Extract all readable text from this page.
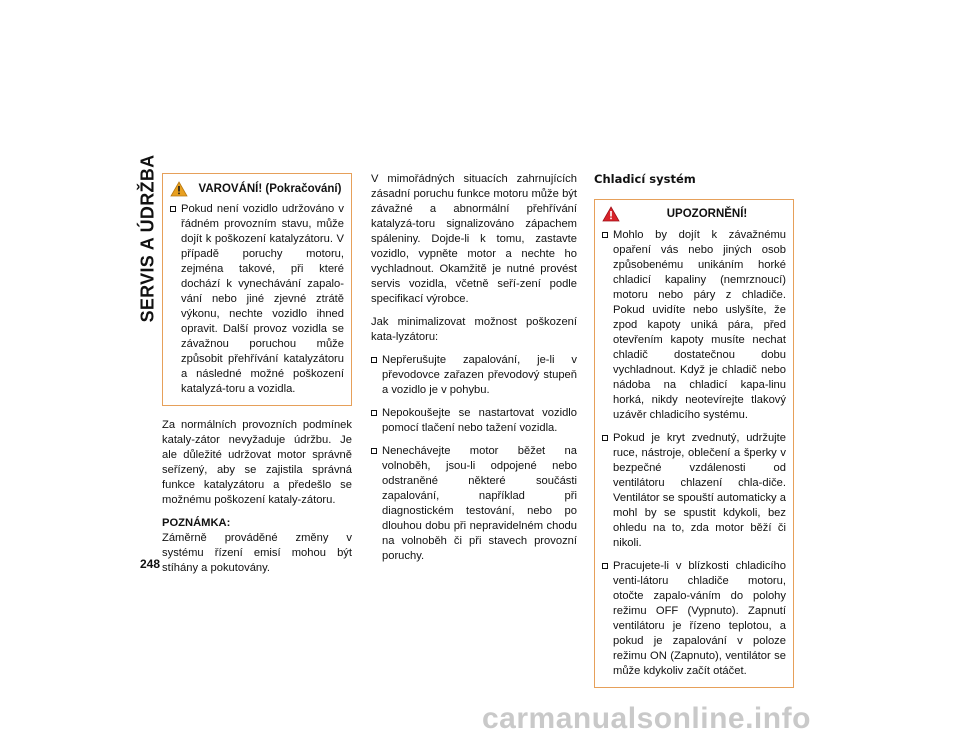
SERVIS A ÚDRŽBA
248
VAROVÁNÍ! (Pokračování)
Pokud není vozidlo udržováno v řádném provozním stavu, může dojít k poškození katalyzátoru. V případě poruchy motoru, zejména takové, při které dochází k vynechávání zapalo-vání nebo jiné zjevné ztrátě výkonu, nechte vozidlo ihned opravit. Další provoz vozidla se závažnou poruchou může způsobit přehřívání katalyzátoru a následné možné poškození katalyzá-toru a vozidla.

Za normálních provozních podmínek kataly-zátor nevyžaduje údržbu. Je ale důležité udržovat motor správně seřízený, aby se zajistila správná funkce katalyzátoru a předešlo se možnému poškození kataly-zátoru.

POZNÁMKA:

Záměrně prováděné změny v systému řízení emisí mohou být stíhány a pokutovány.

V mimořádných situacích zahrnujících zásadní poruchu funkce motoru může být závažné a abnormální přehřívání katalyzá-toru signalizováno zápachem spáleniny. Dojde-li k tomu, zastavte vozidlo, vypněte motor a nechte ho vychladnout. Okamžitě je nutné provést servis vozidla, včetně seří-zení podle specifikací výrobce.

Jak minimalizovat možnost poškození kata-lyzátoru:

Nepřerušujte zapalování, je-li v převodovce zařazen převodový stupeň a vozidlo je v pohybu.
Nepokoušejte se nastartovat vozidlo pomocí tlačení nebo tažení vozidla.
Nenechávejte motor běžet na volnoběh, jsou-li odpojené nebo odstraněné některé součásti zapalování, například při diagnostickém testování, nebo po dlouhou dobu při nepravidelném chodu na volnoběh či při stavech provozní poruchy.

Chladicí systém

UPOZORNĚNÍ!
Mohlo by dojít k závažnému opaření vás nebo jiných osob způsobenému unikáním horké chladicí kapaliny (nemrznoucí) motoru nebo páry z chladiče. Pokud uvidíte nebo uslyšíte, že zpod kapoty uniká pára, před otevřením kapoty musíte nechat chladič dostatečnou dobu vychladnout. Když je chladič nebo nádoba na chladicí kapa-linu horká, nikdy neotevírejte tlakový uzávěr chladicího systému.
Pokud je kryt zvednutý, udržujte ruce, nástroje, oblečení a šperky v bezpečné vzdálenosti od ventilátoru chlazení chla-diče. Ventilátor se spouští automaticky a mohl by se spustit kdykoli, bez ohledu na to, zda motor běží či nikoli.
Pracujete-li v blízkosti chladicího venti-látoru chladiče motoru, otočte zapalo-váním do polohy režimu OFF (Vypnuto). Zapnutí ventilátoru je řízeno teplotou, a pokud je zapalování v poloze režimu ON (Zapnuto), ventilátor se může kdykoliv začít otáčet.
carmanualsonline.info
